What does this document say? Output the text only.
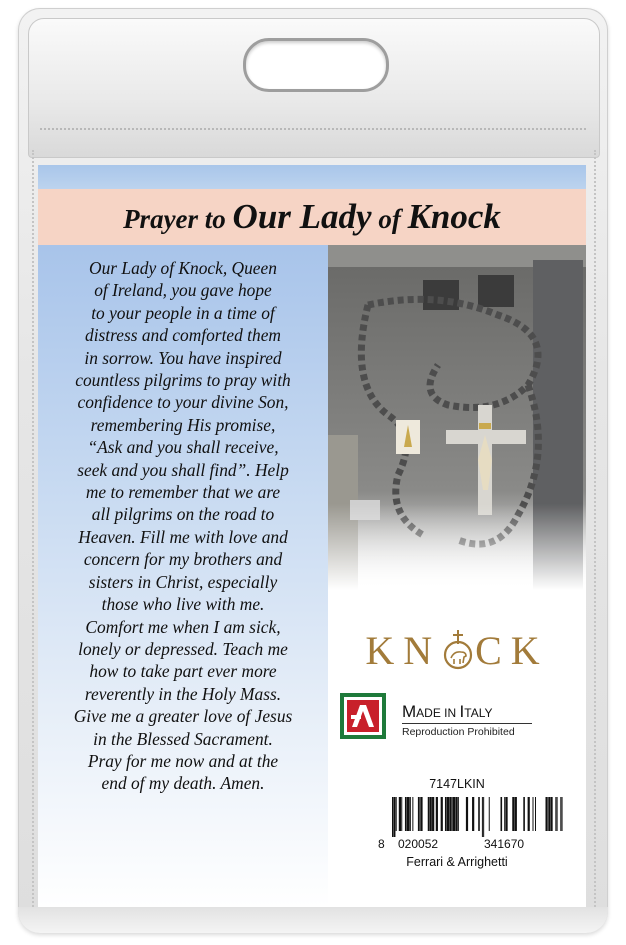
Prayer to Our Lady of Knock
Our Lady of Knock, Queen
of Ireland, you gave hope
to your people in a time of
distress and comforted them
in sorrow. You have inspired
countless pilgrims to pray with
confidence to your divine Son,
remembering His promise,
“Ask and you shall receive,
seek and you shall find”. Help
me to remember that we are
all pilgrims on the road to
Heaven. Fill me with love and
concern for my brothers and
sisters in Christ, especially
those who live with me.
Comfort me when I am sick,
lonely or depressed. Teach me
how to take part ever more
reverently in the Holy Mass.
Give me a greater love of Jesus
in the Blessed Sacrament.
Pray for me now and at the
end of my death. Amen.
KN CK
MADE IN ITALY
Reproduction Prohibited
7147LKIN
8 020052	341670
Ferrari & Arrighetti
